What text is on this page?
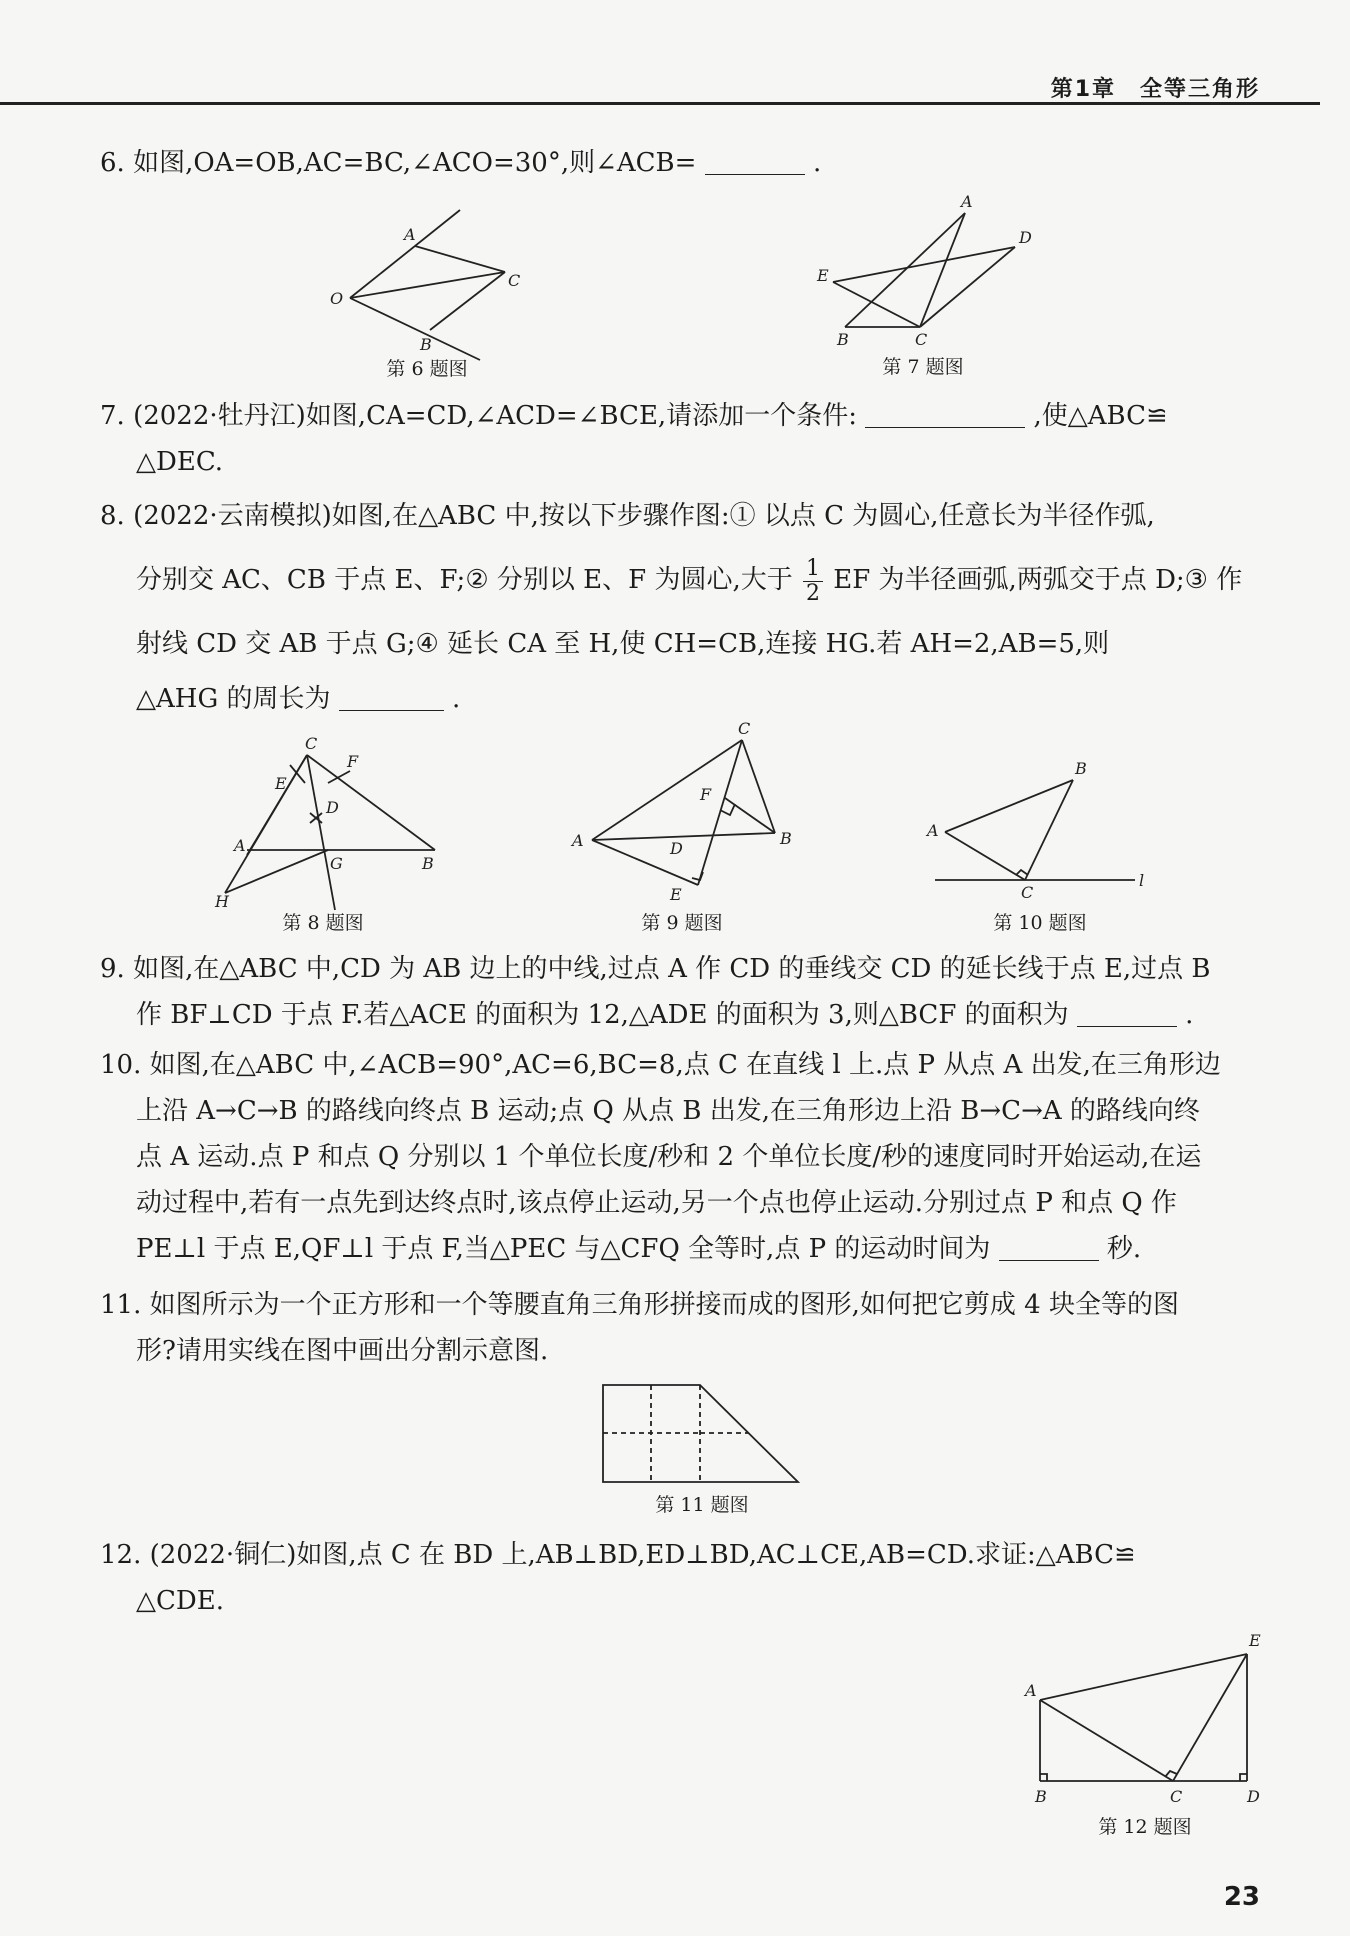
第1章　全等三角形
6. 如图,OA=OB,AC=BC,∠ACO=30°,则∠ACB=	.
A
O
C
B
第 6 题图
A
D
E
B	C
第 7 题图
7. (2022·牡丹江)如图,CA=CD,∠ACD=∠BCE,请添加一个条件:	,使△ABC≌
△DEC.
8. (2022·云南模拟)如图,在△ABC 中,按以下步骤作图:① 以点 C 为圆心,任意长为半径作弧,
分别交 AC、CB 于点 E、F;② 分别以 E、F 为圆心,大于 $\frac{1}{2}$ EF 为半径画弧,两弧交于点 D;③ 作
射线 CD 交 AB 于点 G;④ 延长 CA 至 H,使 CH=CB,连接 HG.若 AH=2,AB=5,则
△AHG 的周长为	.
C
F
E
D
A
G	B
H
第 8 题图
C
F
A	D
B
E
第 9 题图
B
A
C
l
第 10 题图
9. 如图,在△ABC 中,CD 为 AB 边上的中线,过点 A 作 CD 的垂线交 CD 的延长线于点 E,过点 B
作 BF⊥CD 于点 F.若△ACE 的面积为 12,△ADE 的面积为 3,则△BCF 的面积为	.
10. 如图,在△ABC 中,∠ACB=90°,AC=6,BC=8,点 C 在直线 l 上.点 P 从点 A 出发,在三角形边
上沿 A→C→B 的路线向终点 B 运动;点 Q 从点 B 出发,在三角形边上沿 B→C→A 的路线向终
点 A 运动.点 P 和点 Q 分别以 1 个单位长度/秒和 2 个单位长度/秒的速度同时开始运动,在运
动过程中,若有一点先到达终点时,该点停止运动,另一个点也停止运动.分别过点 P 和点 Q 作
PE⊥l 于点 E,QF⊥l 于点 F,当△PEC 与△CFQ 全等时,点 P 的运动时间为	秒.
11. 如图所示为一个正方形和一个等腰直角三角形拼接而成的图形,如何把它剪成 4 块全等的图
形?请用实线在图中画出分割示意图.
第 11 题图
12. (2022·铜仁)如图,点 C 在 BD 上,AB⊥BD,ED⊥BD,AC⊥CE,AB=CD.求证:△ABC≌
△CDE.
E
A
B	C	D
第 12 题图
23
